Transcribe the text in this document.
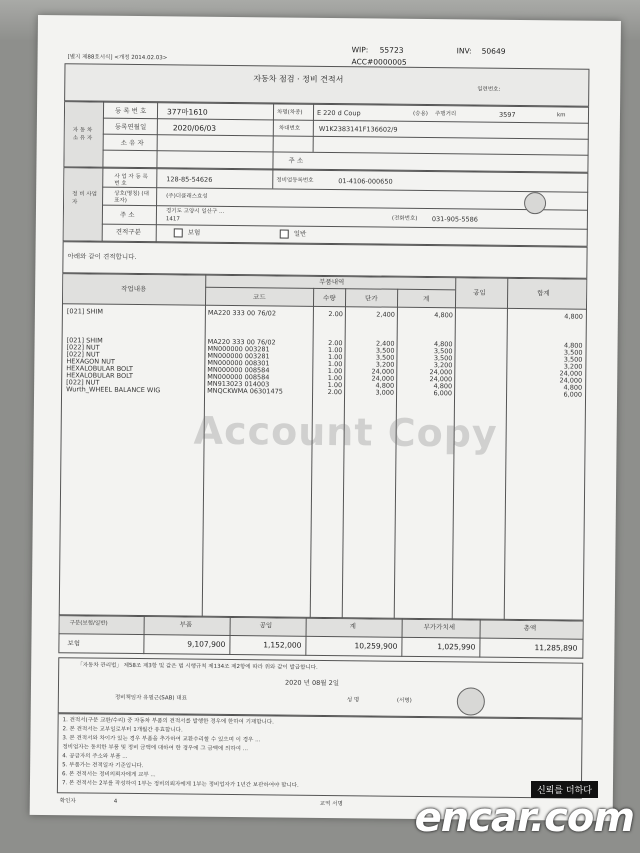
[별지 제88호서식] <개정 2014.02.03>
WIP: 55723	INV: 50649
ACC#0000005
자동차 점검 · 정비 견적서
일련번호:
자 동 차 소 유 자
등 록 번 호	377마1610	차명(차종) E 220 d Coup	(승용) 주행거리	3597	km
등록연월일	2020/06/03	차대번호	W1K2383141F136602/9
소 유 자
주 소
정 비 사업자
사 업 자 등 록 번 호	128-85-54626	정비업등록번호	01-4106-000650
상호(명칭) (대표자)
(주)더클래스효성
주 소	경기도 고양시 일산구 ...
1417	(전화번호) 031-905-5586
견적구분	보험	일반
아래와 같이 견적합니다.
작업내용
부품내역
코드	수량	단가	계
공임	합계
[021] SHIM	MA220 333 00 76/02	2.00	2,400	4,800	4,800
[021] SHIM	MA220 333 00 76/02	2.00	2,400	4,800	4,800
[022] NUT	MN000000 003281	1.00	3,500	3,500	3,500
[022] NUT	MN000000 003281	1.00	3,500	3,500	3,500
HEXAGON NUT	MN000000 008301	1.00	3,200	3,200	3,200
HEXALOBULAR BOLT	MN000000 008584	1.00	24,000	24,000	24,000
HEXALOBULAR BOLT	MN000000 008584	1.00	24,000	24,000	24,000
[022] NUT	MN913023 014003	1.00	4,800	4,800	4,800
Wurth_WHEEL BALANCE WIG	MNQCKWMA 06301475	2.00	3,000	6,000	6,000
Account Copy
구분(보험/일반)	부품	공임	계	부가가치세	총액
보험	9,107,900	1,152,000	10,259,900	1,025,990	11,285,890
「자동차 관리법」 제58조 제3항 및 같은 법 시행규칙 제134조 제2항에 따라 위와 같이 발급합니다.
2020 년 08월 2일
정비책임자 유필근(SAB) 대표	성 명	(서명)
1. 견적서(구분 교환/수리) 중 자동차 부품의 견적서를 발행한 경우에 한하여 기재합니다.
2. 본 견적서는 교부일로부터 1개월간 유효합니다.
3. 본 견적서와 차이가 있는 경우 부품을 추가하여 교환수리할 수 있으며 이 경우 ...
정비업자는 동의한 부품 및 정비 금액에 대하여 한 경우에 그 금액에 의하여 ...
4. 공급자의 주소와 부품 ...
5. 부품가는 견적일자 기준입니다.
6. 본 견적서는 정비의뢰자에게 교부 ...
7. 본 견적서는 2부를 작성하여 1부는 정비의뢰자에게 1부는 정비업자가 1년간 보관하여야 합니다.
확인자	4	교역 서명
신뢰를 더하다
encar.com
